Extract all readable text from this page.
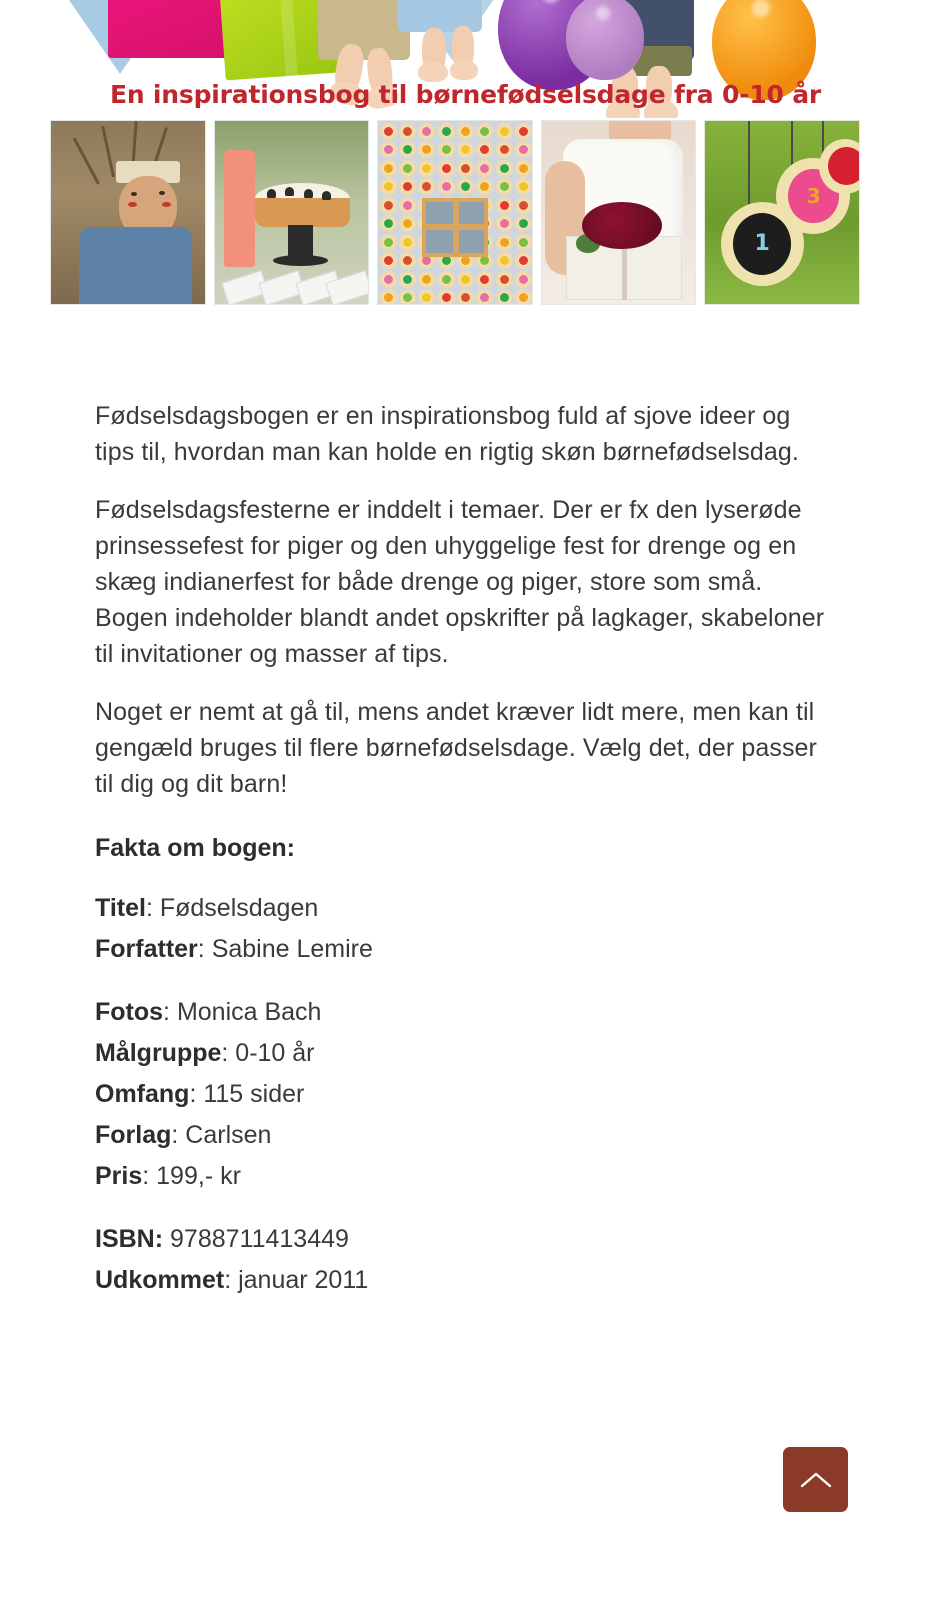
En inspirationsbog til børnefødselsdage fra 0-10 år
1
3

Fødselsdagsbogen er en inspirationsbog fuld af sjove ideer og tips til, hvordan man kan holde en rigtig skøn børnefødselsdag.

Fødselsdagsfesterne er inddelt i temaer. Der er fx den lyserøde prinsessefest for piger og den uhyggelige fest for drenge og en skæg indianerfest for både drenge og piger, store som små. Bogen indeholder blandt andet opskrifter på lagkager, skabeloner til invitationer og masser af tips.

Noget er nemt at gå til, mens andet kræver lidt mere, men kan til gengæld bruges til flere børnefødselsdage. Vælg det, der passer til dig og dit barn!

Fakta om bogen:
Titel: Fødselsdagen
Forfatter: Sabine Lemire
Fotos: Monica Bach
Målgruppe: 0-10 år
Omfang: 115 sider
Forlag: Carlsen
Pris: 199,- kr
ISBN: 9788711413449
Udkommet: januar 2011
